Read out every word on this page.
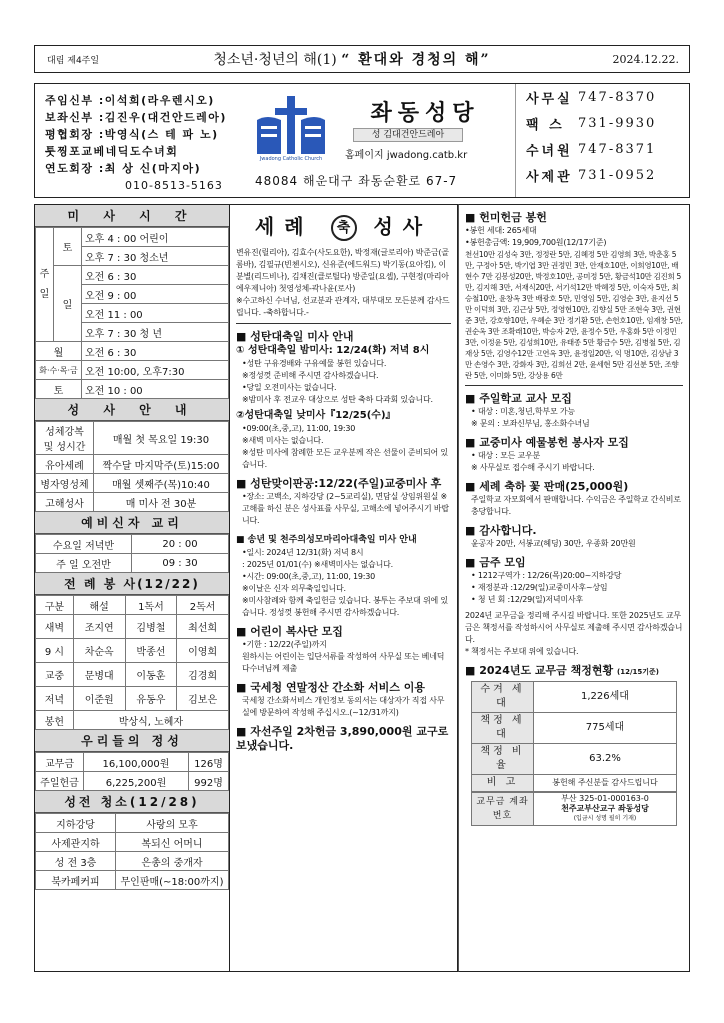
대림 제4주일	청소년·청년의 해(1) “ 환대와 경청의 해”	2024.12.22.
주임신부 : 이석희(라우렌시오)
보좌신부 : 김진우(대건안드레아)
평협회장 : 박영식(스 테 파 노)
툿찡포교베네딕도수녀회
연도회장 : 최 상 신(마지아)
010-8513-5163
Jwadong Catholic Church
좌동성당
성 김대건안드레아
홈페이지 jwadong.catb.kr
48084 해운대구 좌동순환로 67-7
사무실 747-8370
팩 스	731-9930
수녀원 747-8371
사제관 731-0952
미 사 시 간
주일	토	오후 4 : 00 어린이
		오후 7 : 30 청소년
	일	오전 6 : 30
		오전 9 : 00
		오전 11 : 00
		오후 7 : 30 청 년
월		오전 6 : 30
화·수·목·금		오전 10:00, 오후7:30
토		오전 10 : 00
성 사 안 내
성체강복 및 성시간	매월 첫 목요일 19:30
유아세례	짝수달 마지막주(토)15:00
병자영성체	매월 셋째주(목)10:40
고해성사	매 미사 전 30분
예비신자 교리
수요일 저녁반	20 : 00
주 일 오전반	09 : 30
전 례 봉 사(12/22)
구분	해설	1독서	2독서
새벽	조지연	김병철	최선희
9 시	차순옥	박종선	이영희
교중	문병대	이동훈	김경희
저녁	이준원	유동우	김보은
봉헌	박상식, 노혜자		
우리들의 정성
교무금	16,100,000원	126명
주일헌금	6,225,200원	992명
성전 청소(12/28)
지하강당	사랑의 모후
사제관지하	복되신 어머니
성 전 3층	은총의 중개자
북카페커피	무인판매(~18:00까지)
세례 축 성사
변유진(릴리아), 김효수(사도요한), 박정재(글로리아) 박준금(골롬바), 김필규(빈첸시오), 신유준(에드워드) 박기동(요아킴), 이분별(리드비나), 김채진(클로틸다) 방준일(요셉), 구현정(마리아에우제니아) 첫영성체-곽나윤(로사)
※수고하신 수녀님, 선교분과 관계자, 대부대모 모든분께 감사드립니다. -축하합니다.-
■ 성탄대축일 미사 안내
① 성탄대축일 밤미사: 12/24(화) 저녁 8시
•성탄 구유경배와 구유예물 봉헌 있습니다.
※정성껏 준비해 주시면 감사하겠습니다.
•당일 오전미사는 없습니다.
※밤미사 후 전교우 대상으로 성탄 축하 다과회 있습니다.
②성탄대축일 낮미사『12/25(수)』
•09:00(초,중,고), 11:00, 19:30
※새벽 미사는 없습니다.
※성탄 미사에 참례한 모든 교우분께 작은 선물이 준비되어 있습니다.
■ 성탄맞이판공:12/22(주일)교중미사 후
•장소: 고백소, 지하강당 (2~5교리실), 면담실 상임위원실 ※고해를 하신 분은 성사표를 사무실, 고해소에 넣어주시기 바랍니다.
■ 송년 및 천주의성모마리아대축일 미사 안내
•일시: 2024년 12/31(화) 저녁 8시
: 2025년 01/01(수) ※새벽미사는 없습니다.
•시간: 09:00(초,중,고), 11:00, 19:30
※이날은 신자 의무축일입니다.
※미사참례와 함께 축일헌금 있습니다. 봉투는 주보대 위에 있습니다. 정성껏 봉헌해 주시면 감사하겠습니다.
■ 어린이 복사단 모집
•기한 : 12/22(주일)까지
원하시는 어린이는 입단서류를 작성하여 사무실 또는 베네딕다수녀님께 제출
■ 국세청 연말정산 간소화 서비스 이용
국세청 간소화서비스 개인정보 동의서는 대상자가 직접 사무실에 방문하여 작성해 주십시오.(~12/31까지)
■ 자선주일 2차헌금 3,890,000원 교구로 보냈습니다.
■ 헌미헌금 봉헌
•봉헌 세대: 265세대
•봉헌총금액: 19,909,700원(12/17기준)
천선10만 김성숙 3만, 정정란 5만, 김혜정 5만 김영희 3만, 박춘홍 5만, 구정아 5만, 박기엽 3만 권정민 3만, 안재호10만, 이희영10만, 배현수 7만 김봉성20만, 박정호10만, 공미정 5만, 황금석10만 김진희 5만, 김지해 3만, 서재식20만, 서기석12만 박혜정 5만, 이숙자 5만, 최승철10만, 윤창옥 3만 배광호 5만, 민영임 5만, 김영순 3만, 윤지선 5만 이덕희 3만, 김근상 5만, 정영현10만, 김향실 5만 조현숙 3만, 권현준 3만, 강호향10만, 우혜순 3만 정기환 5만, 손헌호10만, 임재창 5만, 권순옥 3만 조확래10만, 박승자 2만, 윤정수 5만, 우홍화 5만 이정민 3만, 이정윤 5만, 김성희10만, 유태종 5만 황금수 5만, 김병철 5만, 김재상 5만, 김영수12만 고연옥 3만, 윤정일20만, 익 명10만, 김상남 3만 손영수 3만, 강화자 3만, 김희선 2만, 윤세현 5만 김선분 5만, 조향란 5만, 이미화 5만, 강상용 6만
■ 주일학교 교사 모집
• 대상 : 미혼,청년,학부모 가능
※ 문의 : 보좌신부님, 홍소화수녀님
■ 교중미사 예물봉헌 봉사자 모집
• 대상 : 모든 교우분
※ 사무실로 접수해 주시기 바랍니다.
■ 세례 축하 꽃 판매(25,000원)
주일학교 자모회에서 판매합니다. 수익금은 주일학교 간식비로 충당합니다.
■ 감사합니다.
윤공자 20만, 서봉교(헤딩) 30만, 우종화 20만원
■ 금주 모임
• 1212구역가 : 12/26(목)20:00~지하강당
• 재정분과 :12/29(일)교중미사후~상임
• 청 년 회 :12/29(일)저녁미사후
2024년 교무금을 정리해 주시길 바랍니다. 또한 2025년도 교무금은 책정서를 작성하시어 사무실로 제출해 주시면 감사하겠습니다.
* 책정서는 주보대 위에 있습니다.
■ 2024년도 교무금 책정현황 (12/15기준)
수겨 세대	1,226세대
책정 세대	775세대
책정 비율	63.2%
비 고	봉헌해 주신분들 감사드립니다
교무금 계좌번호	
부산 325-01-000163-0
천주교부산교구 좌동성당
(입금시 성명 필히 기재)
